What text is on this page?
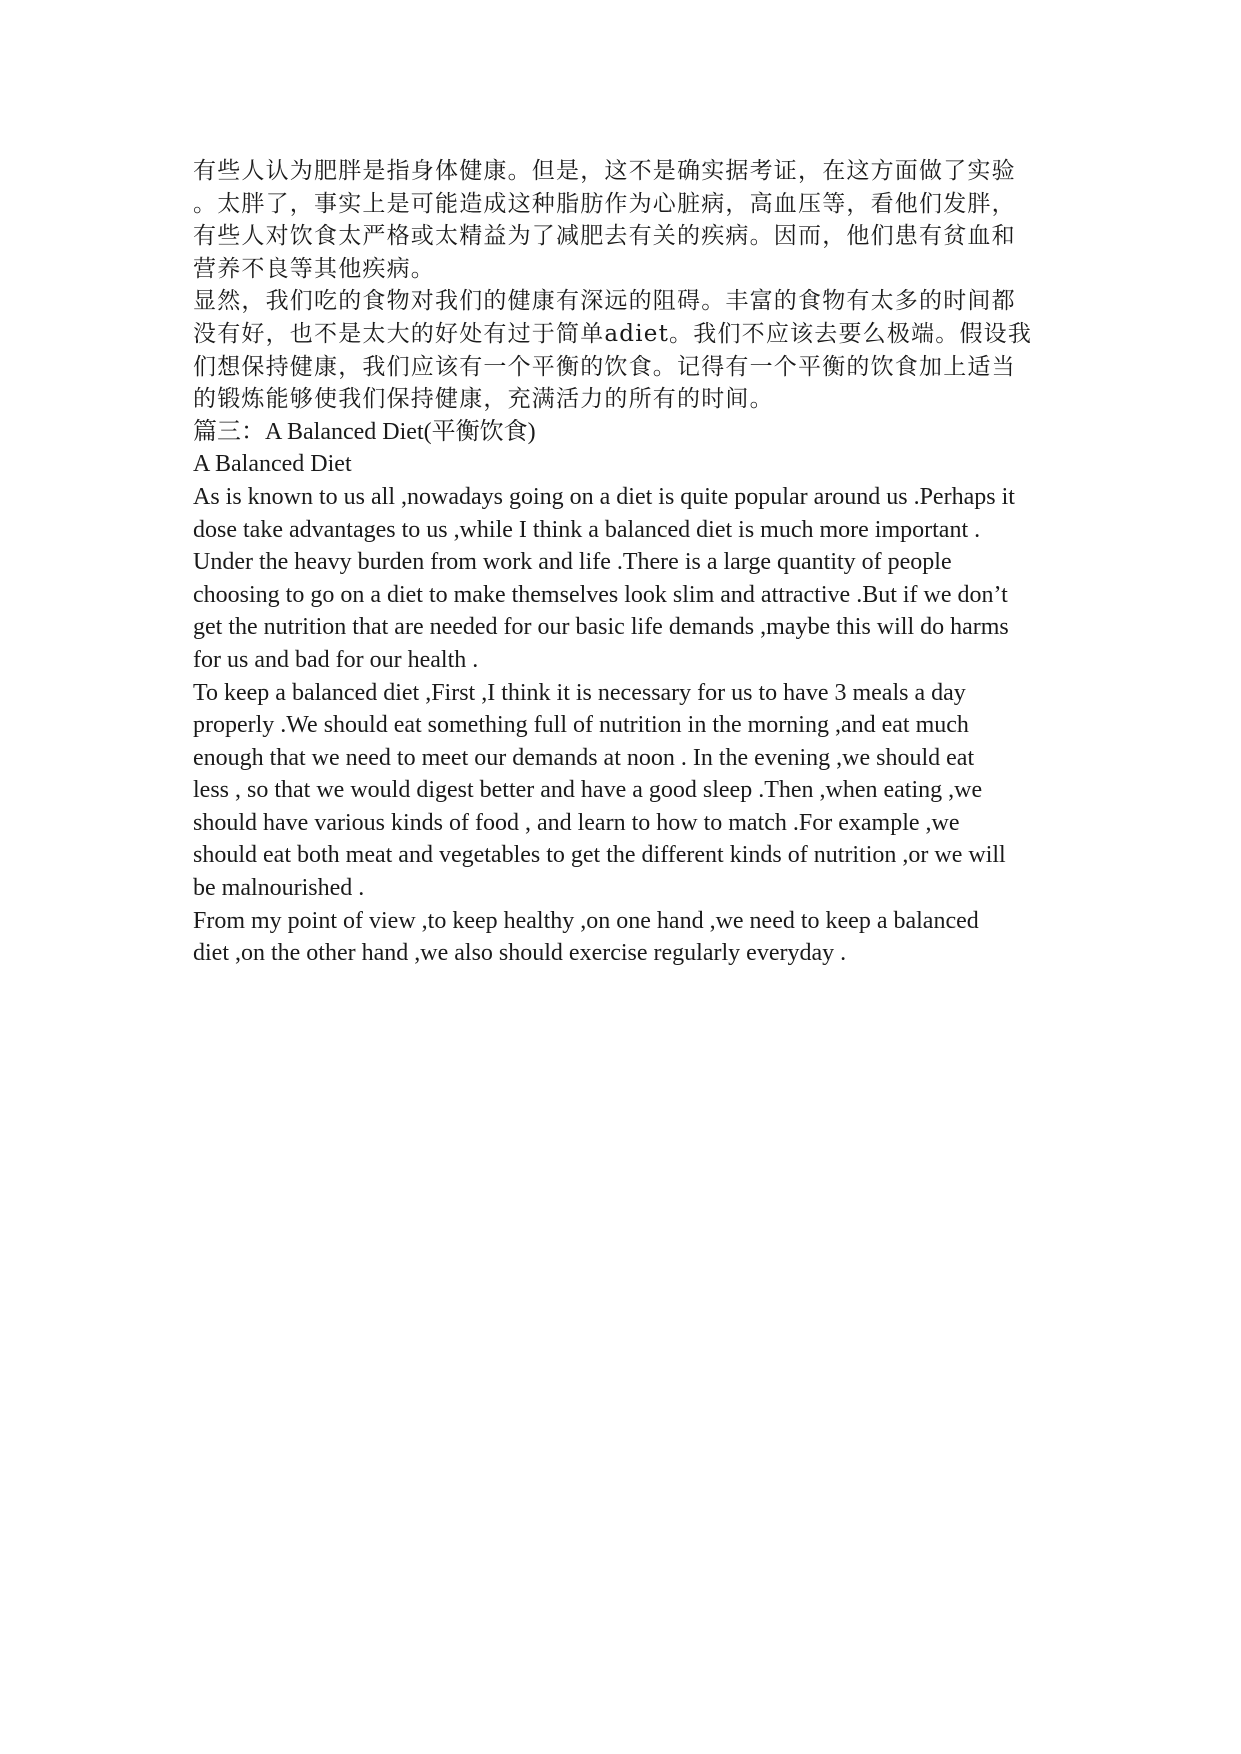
有些人认为肥胖是指身体健康。但是，这不是确实据考证，在这方面做了实验

。太胖了，事实上是可能造成这种脂肪作为心脏病，高血压等，看他们发胖，

有些人对饮食太严格或太精益为了减肥去有关的疾病。因而，他们患有贫血和

营养不良等其他疾病。

显然，我们吃的食物对我们的健康有深远的阻碍。丰富的食物有太多的时间都

没有好，也不是太大的好处有过于简单adiet。我们不应该去要么极端。假设我

们想保持健康，我们应该有一个平衡的饮食。记得有一个平衡的饮食加上适当

的锻炼能够使我们保持健康，充满活力的所有的时间。

篇三：A Balanced Diet(平衡饮食)

A Balanced Diet

As is known to us all ,nowadays going on a diet is quite popular around us .Perhaps it

dose take advantages to us ,while I think a balanced diet is much more important .

Under the heavy burden from work and life .There is a large quantity of people

choosing to go on a diet to make themselves look slim and attractive .But if we don’t

get the nutrition that are needed for our basic life demands ,maybe this will do harms

for us and bad for our health .

To keep a balanced diet ,First ,I think it is necessary for us to have 3 meals a day

properly .We should eat something full of nutrition in the morning ,and eat much

enough that we need to meet our demands at noon . In the evening ,we should eat

less , so that we would digest better and have a good sleep .Then ,when eating ,we

should have various kinds of food , and learn to how to match .For example ,we

should eat both meat and vegetables to get the different kinds of nutrition ,or we will

be malnourished .

From my point of view ,to keep healthy ,on one hand ,we need to keep a balanced

diet ,on the other hand ,we also should exercise regularly everyday .
